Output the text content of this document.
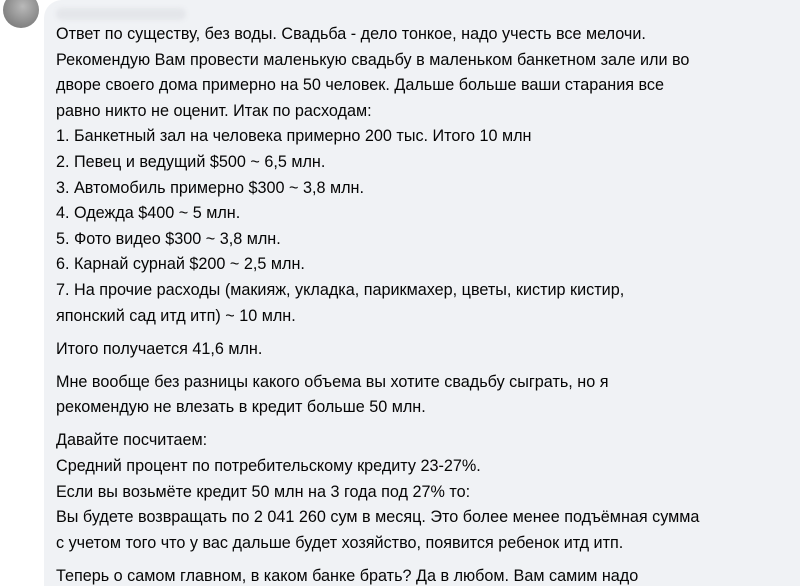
Ответ по существу, без воды. Свадьба - дело тонкое, надо учесть все мелочи.
Рекомендую Вам провести маленькую свадьбу в маленьком банкетном зале или во
дворе своего дома примерно на 50 человек. Дальше больше ваши старания все
равно никто не оценит. Итак по расходам:
1. Банкетный зал на человека примерно 200 тыс. Итого 10 млн
2. Певец и ведущий $500 ~ 6,5 млн.
3. Автомобиль примерно $300 ~ 3,8 млн.
4. Одежда $400 ~ 5 млн.
5. Фото видео $300 ~ 3,8 млн.
6. Карнай сурнай $200 ~ 2,5 млн.
7. На прочие расходы (макияж, укладка, парикмахер, цветы, кистир кистир,
японский сад итд итп) ~ 10 млн.

Итого получается 41,6 млн.

Мне вообще без разницы какого объема вы хотите свадьбу сыграть, но я
рекомендую не влезать в кредит больше 50 млн.

Давайте посчитаем:
Средний процент по потребительскому кредиту 23-27%.
Если вы возьмёте кредит 50 млн на 3 года под 27% то:
Вы будете возвращать по 2 041 260 сум в месяц. Это более менее подъёмная сумма
с учетом того что у вас дальше будет хозяйство, появится ребенок итд итп.

Теперь о самом главном, в каком банке брать? Да в любом. Вам самим надо
